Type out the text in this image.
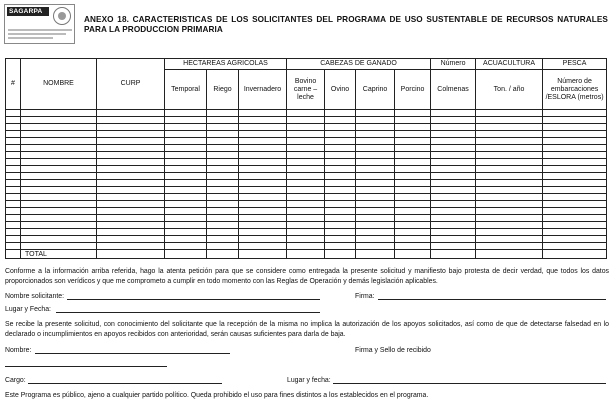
SAGARPA
ANEXO 18. CARACTERISTICAS DE LOS SOLICITANTES DEL PROGRAMA DE USO SUSTENTABLE DE RECURSOS NATURALES PARA LA PRODUCCION PRIMARIA
#	NOMBRE	CURP	HECTAREAS AGRICOLAS			CABEZAS DE GANADO				Número	ACUACULTURA	PESCA
			Temporal	Riego	Invernadero	Bovino carne – leche	Ovino	Caprino	Porcino	Colmenas	Ton. / año	Número de embarcaciones /ESLORA (metros)

	TOTAL											
Conforme a la información arriba referida, hago la atenta petición para que se considere como entregada la presente solicitud y manifiesto bajo protesta de decir verdad, que todos los datos proporcionados son verídicos y que me comprometo a cumplir en todo momento con las Reglas de Operación y demás legislación aplicables.
Nombre solicitante:	Firma:
Lugar y Fecha:
Se recibe la presente solicitud, con conocimiento del solicitante que la recepción de la misma no implica la autorización de los apoyos solicitados, así como de que de detectarse falsedad en lo declarado o incumplimientos en apoyos recibidos con anterioridad, serán causas suficientes para darla de baja.
Nombre:	Firma y Sello de recibido
Cargo:	Lugar y fecha:
Este Programa es público, ajeno a cualquier partido político. Queda prohibido el uso para fines distintos a los establecidos en el programa.
